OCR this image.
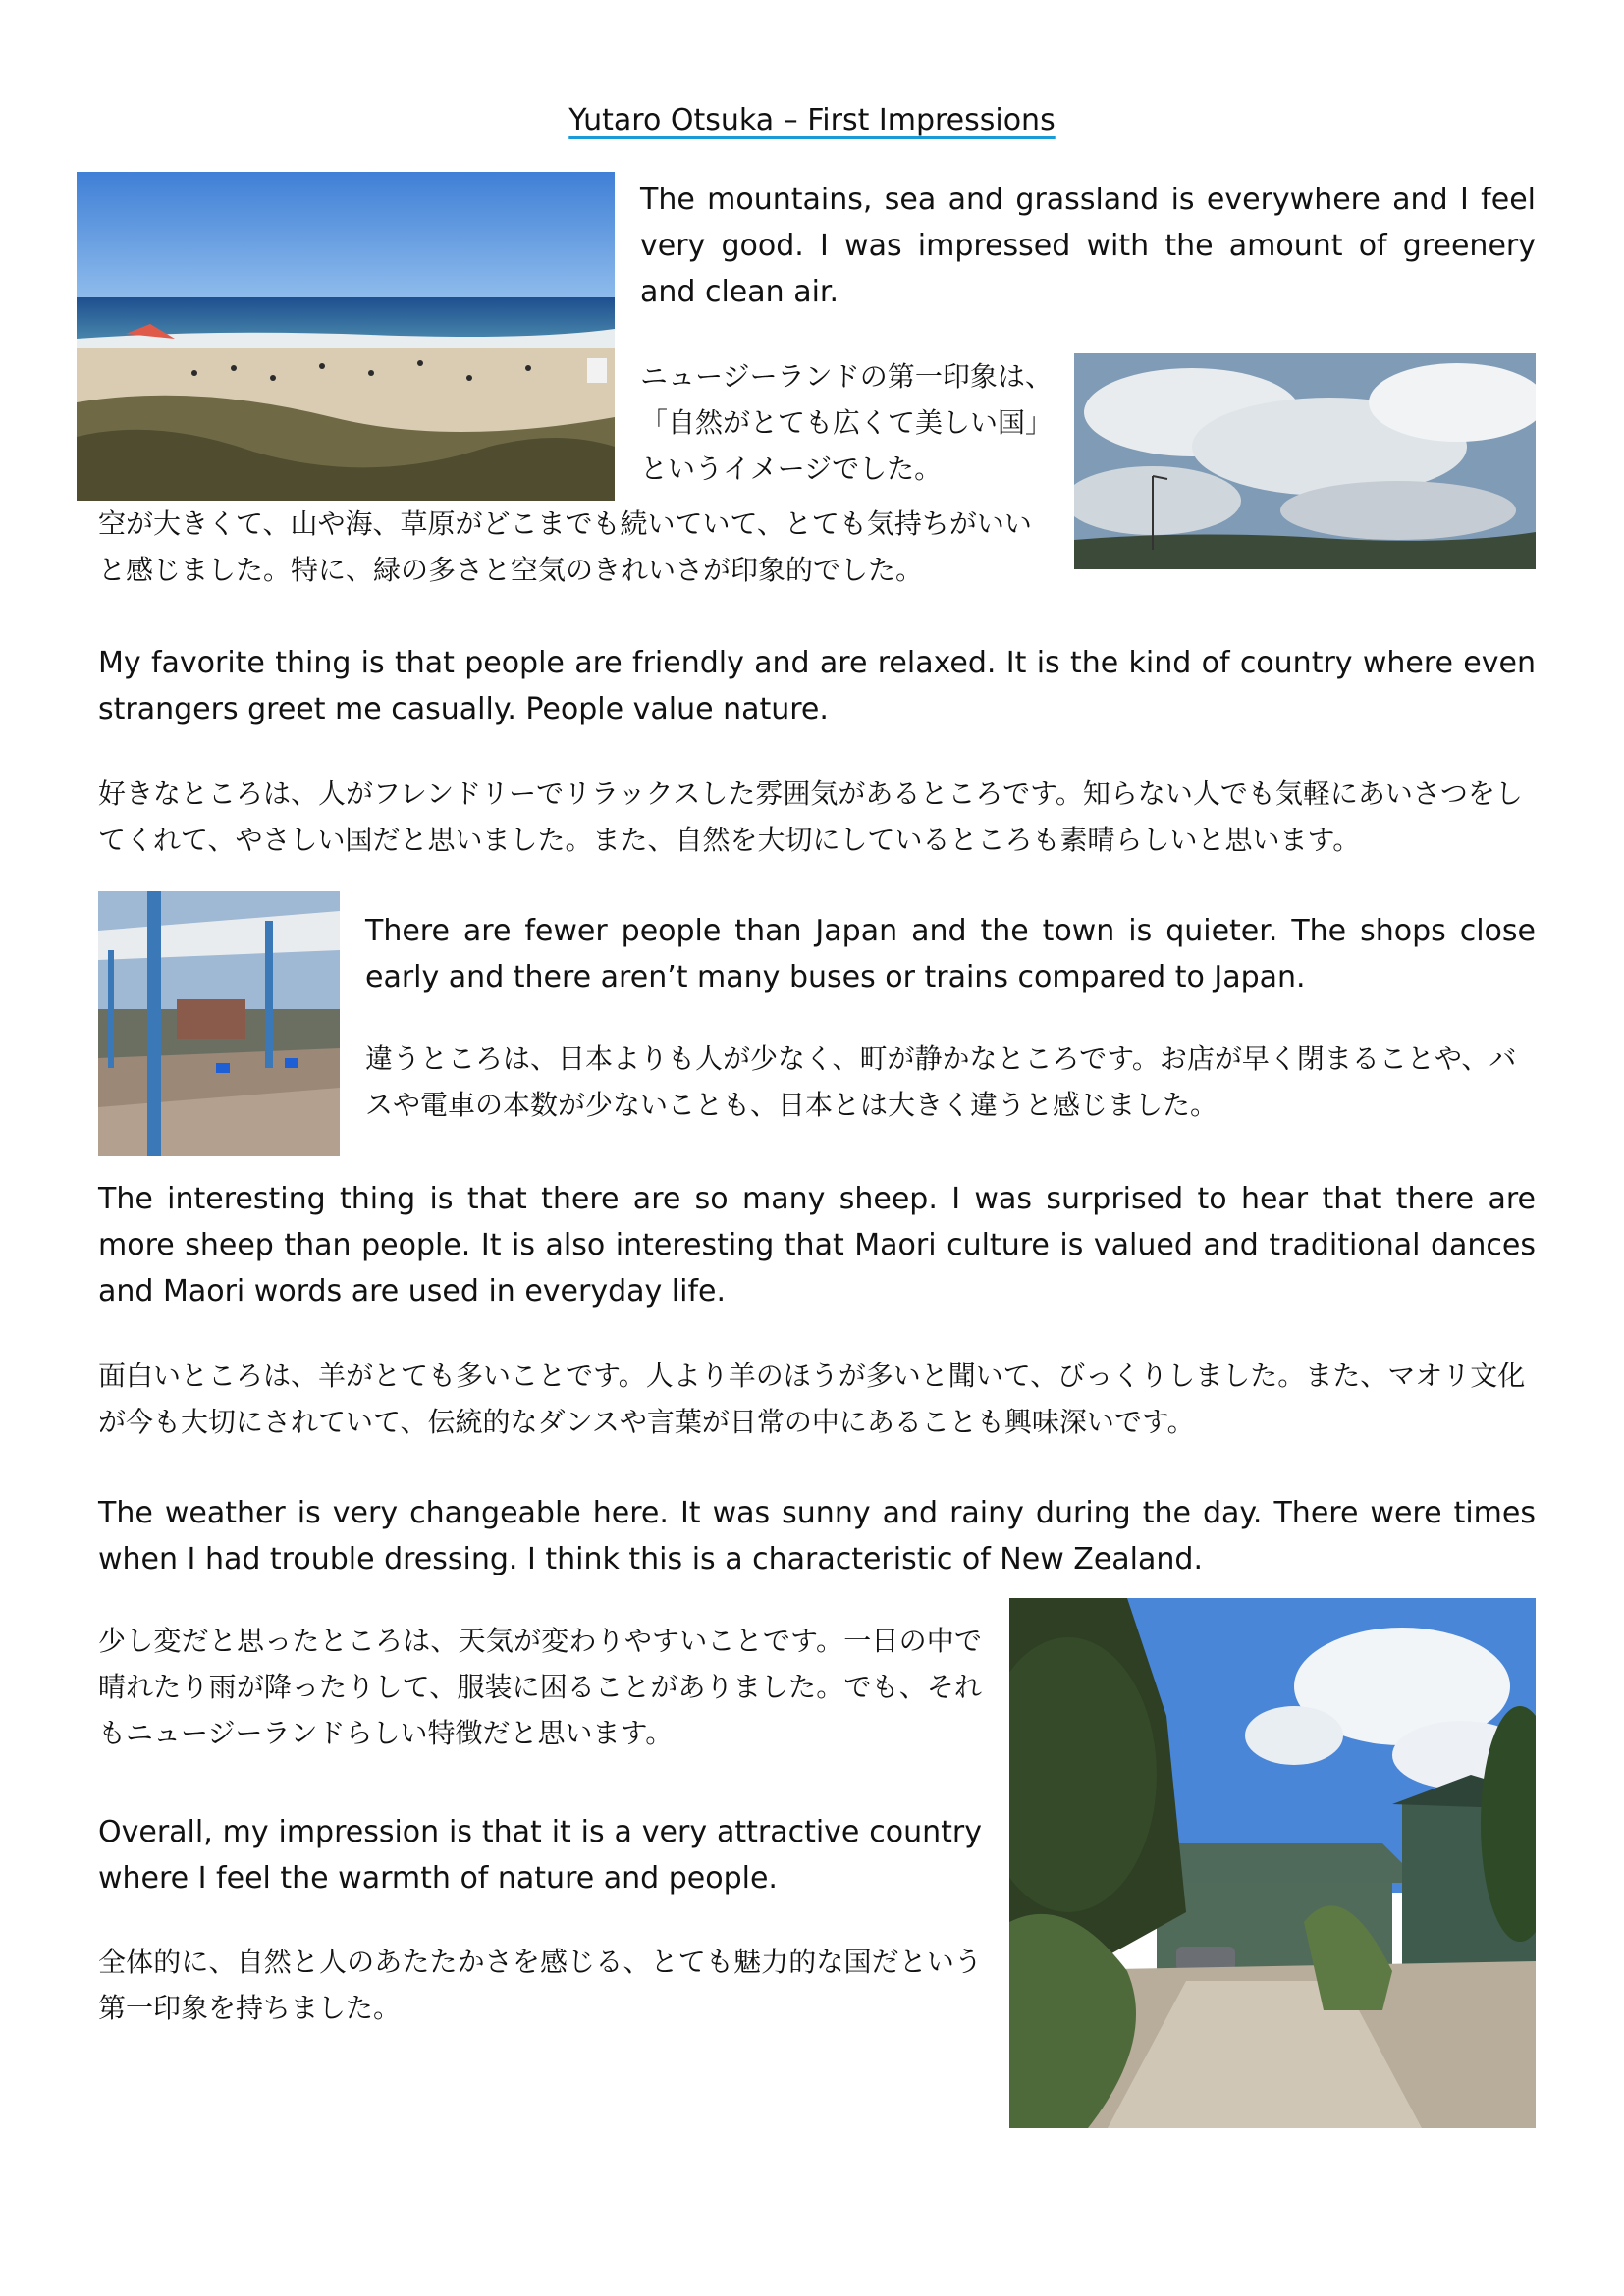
Yutaro Otsuka – First Impressions

The mountains, sea and grassland is everywhere and I feel very good. I was impressed with the amount of greenery and clean air.

ニュージーランドの第一印象は、「自然がとても広くて美しい国」というイメージでした。

空が大きくて、山や海、草原がどこまでも続いていて、とても気持ちがいいと感じました。特に、緑の多さと空気のきれいさが印象的でした。

My favorite thing is that people are friendly and are relaxed. It is the kind of country where even strangers greet me casually. People value nature.

好きなところは、人がフレンドリーでリラックスした雰囲気があるところです。知らない人でも気軽にあいさつをしてくれて、やさしい国だと思いました。また、自然を大切にしているところも素晴らしいと思います。

There are fewer people than Japan and the town is quieter. The shops close early and there aren’t many buses or trains compared to Japan.

違うところは、日本よりも人が少なく、町が静かなところです。お店が早く閉まることや、バスや電車の本数が少ないことも、日本とは大きく違うと感じました。

The interesting thing is that there are so many sheep. I was surprised to hear that there are more sheep than people. It is also interesting that Maori culture is valued and traditional dances and Maori words are used in everyday life.

面白いところは、羊がとても多いことです。人より羊のほうが多いと聞いて、びっくりしました。また、マオリ文化が今も大切にされていて、伝統的なダンスや言葉が日常の中にあることも興味深いです。

The weather is very changeable here. It was sunny and rainy during the day. There were times when I had trouble dressing. I think this is a characteristic of New Zealand.

少し変だと思ったところは、天気が変わりやすいことです。一日の中で晴れたり雨が降ったりして、服装に困ることがありました。でも、それもニュージーランドらしい特徴だと思います。

Overall, my impression is that it is a very attractive country where I feel the warmth of nature and people.

全体的に、自然と人のあたたかさを感じる、とても魅力的な国だという第一印象を持ちました。
